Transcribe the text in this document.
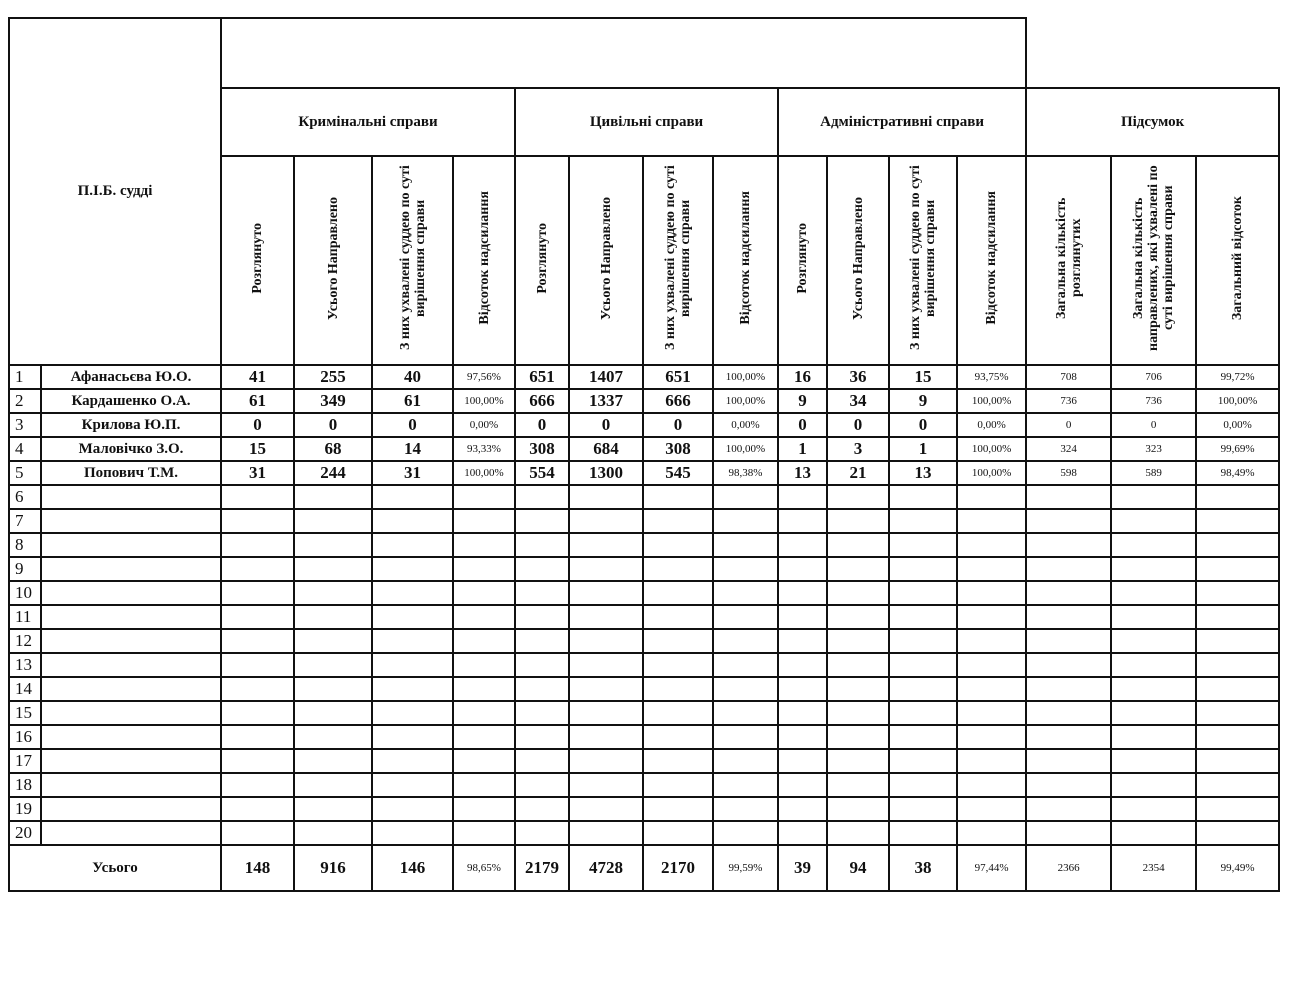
П.І.Б. судді																
		Кримінальні справи				Цивільні справи				Адміністративні справи				Підсумок		
		Розглянуто	Усього Направлено	З них ухвалені суддею по суті вирішення справи	Відсоток надсилання	Розглянуто	Усього Направлено	З них ухвалені суддею по суті вирішення справи	Відсоток надсилання	Розглянуто	Усього Направлено	З них ухвалені суддею по суті вирішення справи	Відсоток надсилання	Загальна кількість розглянутих	Загальна кількість направлених, які ухвалені по суті вирішення справи	Загальний відсоток
1	Афанасьєва Ю.О.	41	255	40	97,56%	651	1407	651	100,00%	16	36	15	93,75%	708	706	99,72%
2	Кардашенко О.А.	61	349	61	100,00%	666	1337	666	100,00%	9	34	9	100,00%	736	736	100,00%
3	Крилова Ю.П.	0	0	0	0,00%	0	0	0	0,00%	0	0	0	0,00%	0	0	0,00%
4	Маловічко З.О.	15	68	14	93,33%	308	684	308	100,00%	1	3	1	100,00%	324	323	99,69%
5	Попович Т.М.	31	244	31	100,00%	554	1300	545	98,38%	13	21	13	100,00%	598	589	98,49%
6																
7																
8																
9																
10																
11																
12																
13																
14																
15																
16																
17																
18																
19																
20																
Усього		148	916	146	98,65%	2179	4728	2170	99,59%	39	94	38	97,44%	2366	2354	99,49%
